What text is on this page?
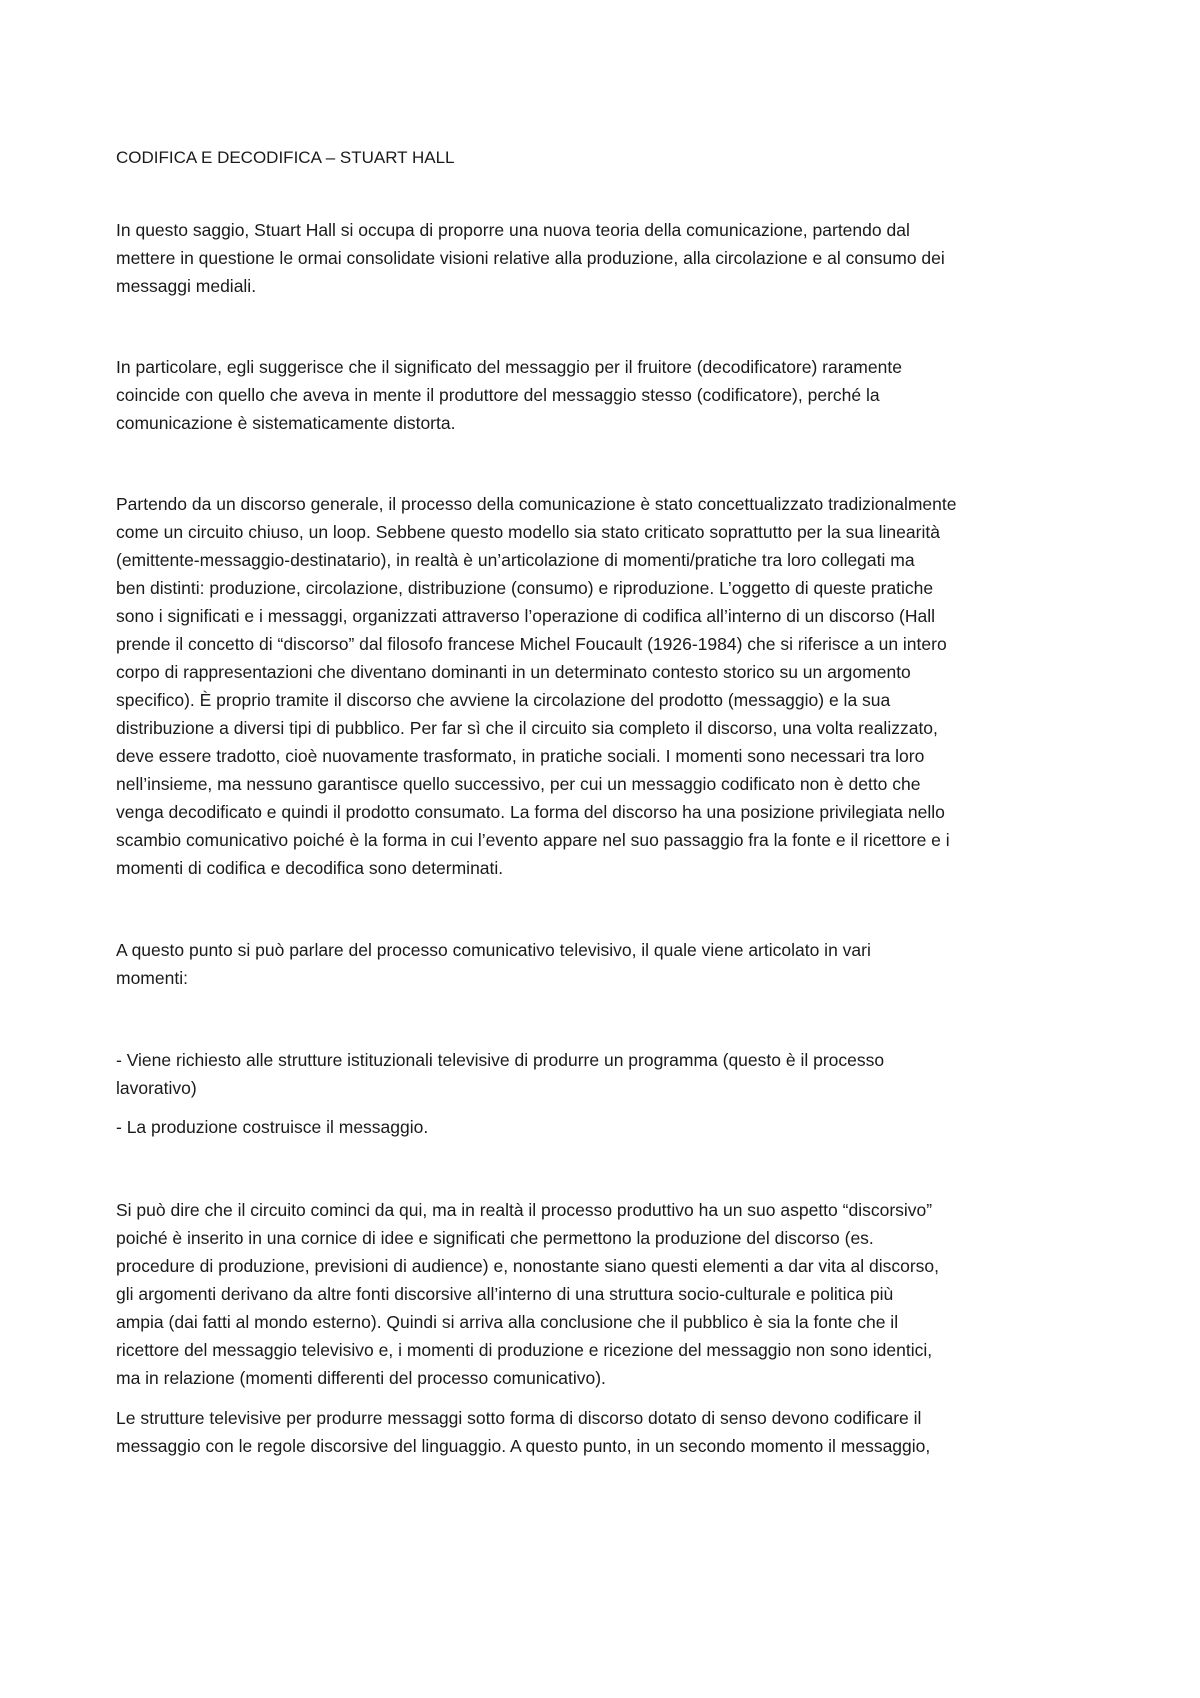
CODIFICA E DECODIFICA – STUART HALL
In questo saggio, Stuart Hall si occupa di proporre una nuova teoria della comunicazione, partendo dal
mettere in questione le ormai consolidate visioni relative alla produzione, alla circolazione e al consumo dei
messaggi mediali.
In particolare, egli suggerisce che il significato del messaggio per il fruitore (decodificatore) raramente
coincide con quello che aveva in mente il produttore del messaggio stesso (codificatore), perché la
comunicazione è sistematicamente distorta.
Partendo da un discorso generale, il processo della comunicazione è stato concettualizzato tradizionalmente
come un circuito chiuso, un loop. Sebbene questo modello sia stato criticato soprattutto per la sua linearità
(emittente-messaggio-destinatario), in realtà è un’articolazione di momenti/pratiche tra loro collegati ma
ben distinti: produzione, circolazione, distribuzione (consumo) e riproduzione. L’oggetto di queste pratiche
sono i significati e i messaggi, organizzati attraverso l’operazione di codifica all’interno di un discorso (Hall
prende il concetto di “discorso” dal filosofo francese Michel Foucault (1926-1984) che si riferisce a un intero
corpo di rappresentazioni che diventano dominanti in un determinato contesto storico su un argomento
specifico). È proprio tramite il discorso che avviene la circolazione del prodotto (messaggio) e la sua
distribuzione a diversi tipi di pubblico. Per far sì che il circuito sia completo il discorso, una volta realizzato,
deve essere tradotto, cioè nuovamente trasformato, in pratiche sociali. I momenti sono necessari tra loro
nell’insieme, ma nessuno garantisce quello successivo, per cui un messaggio codificato non è detto che
venga decodificato e quindi il prodotto consumato. La forma del discorso ha una posizione privilegiata nello
scambio comunicativo poiché è la forma in cui l’evento appare nel suo passaggio fra la fonte e il ricettore e i
momenti di codifica e decodifica sono determinati.
A questo punto si può parlare del processo comunicativo televisivo, il quale viene articolato in vari
momenti:
- Viene richiesto alle strutture istituzionali televisive di produrre un programma (questo è il processo
lavorativo)
- La produzione costruisce il messaggio.
Si può dire che il circuito cominci da qui, ma in realtà il processo produttivo ha un suo aspetto “discorsivo”
poiché è inserito in una cornice di idee e significati che permettono la produzione del discorso (es.
procedure di produzione, previsioni di audience) e, nonostante siano questi elementi a dar vita al discorso,
gli argomenti derivano da altre fonti discorsive all’interno di una struttura socio-culturale e politica più
ampia (dai fatti al mondo esterno). Quindi si arriva alla conclusione che il pubblico è sia la fonte che il
ricettore del messaggio televisivo e, i momenti di produzione e ricezione del messaggio non sono identici,
ma in relazione (momenti differenti del processo comunicativo).
Le strutture televisive per produrre messaggi sotto forma di discorso dotato di senso devono codificare il
messaggio con le regole discorsive del linguaggio. A questo punto, in un secondo momento il messaggio,
